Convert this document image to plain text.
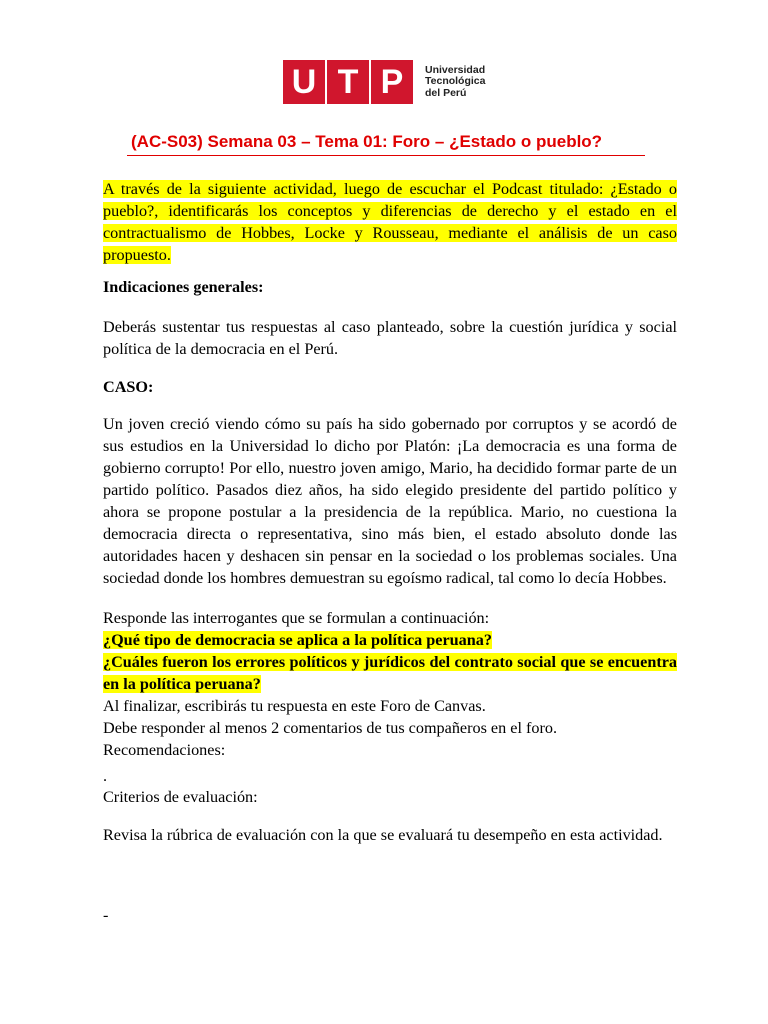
U T P	Universidad
Tecnológica
del Perú
(AC-S03) Semana 03 – Tema 01: Foro – ¿Estado o pueblo?
A través de la siguiente actividad, luego de escuchar el Podcast titulado: ¿Estado o pueblo?, identificarás los conceptos y diferencias de derecho y el estado en el contractualismo de Hobbes, Locke y Rousseau, mediante el análisis de un caso propuesto.
Indicaciones generales:
Deberás sustentar tus respuestas al caso planteado, sobre la cuestión jurídica y social política de la democracia en el Perú.
CASO:
Un joven creció viendo cómo su país ha sido gobernado por corruptos y se acordó de sus estudios en la Universidad lo dicho por Platón: ¡La democracia es una forma de gobierno corrupto! Por ello, nuestro joven amigo, Mario, ha decidido formar parte de un partido político. Pasados diez años, ha sido elegido presidente del partido político y ahora se propone postular a la presidencia de la república. Mario, no cuestiona la democracia directa o representativa, sino más bien, el estado absoluto donde las autoridades hacen y deshacen sin pensar en la sociedad o los problemas sociales. Una sociedad donde los hombres demuestran su egoísmo radical, tal como lo decía Hobbes.

Responde las interrogantes que se formulan a continuación:

¿Qué tipo de democracia se aplica a la política peruana?

¿Cuáles fueron los errores políticos y jurídicos del contrato social que se encuentra en la política peruana?

Al finalizar, escribirás tu respuesta en este Foro de Canvas.

Debe responder al menos 2 comentarios de tus compañeros en el foro.

Recomendaciones:

.
Criterios de evaluación:
Revisa la rúbrica de evaluación con la que se evaluará tu desempeño en esta actividad.
-
